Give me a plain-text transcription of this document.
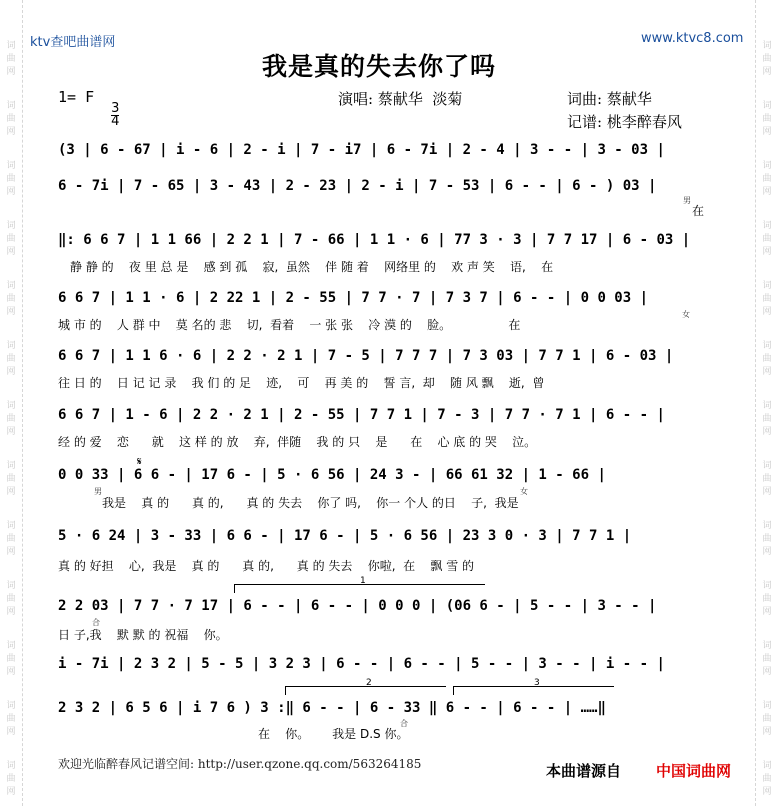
词
曲
网
词
曲
网
词
曲
网
词
曲
网
词
曲
网
词
曲
网
词
曲
网
词
曲
网
词
曲
网
词
曲
网
词
曲
网
词
曲
网
词
曲
网
词
曲
网
词
曲
网
词
曲
网
词
曲
网
词
曲
网
词
曲
网
词
曲
网
词
曲
网
词
曲
网
词
曲
网
词
曲
网
词
曲
网
词
曲
网
ktv查吧曲谱网	www.ktvc8.com
我是真的失去你了吗
1= F

$\frac{3}{4}$

演唱: 蔡献华  淡菊	词曲: 蔡献华
记谱: 桃李醉春风
(3 | 6 - 67 | i - 6 | 2 - i | 7 - i7 | 6 - 7i | 2 - 4 | 3 - - | 3 - 03 |
6 - 7i | 7 - 65 | 3 - 43 | 2 - 23 | 2 - i | 7 - 53 | 6 - - | 6 - ) 03 |
男
在
‖: 6 6 7 | 1 1 66 | 2 2 1 | 7 - 66 | 1 1 · 6 | 77 3 · 3 | 7 7 17 | 6 - 03 |
静 静 的    夜 里 总 是    感 到 孤    寂,  虽然    伴 随 着    网络里 的    欢 声 笑    语,    在
6 6 7 | 1 1 · 6 | 2 22 1 | 2 - 55 | 7 7 · 7 | 7 3 7 | 6 - - | 0 0 03 |
女
城 市 的    人 群 中    莫 名的 悲    切,  看着    一 张 张    冷 漠 的    脸。               在
6 6 7 | 1 1 6 · 6 | 2 2 · 2 1 | 7 - 5 | 7 7 7 | 7 3 03 | 7 7 1 | 6 - 03 |
往 日 的    日 记 记 录    我 们 的 足    迹,    可    再 美 的    誓 言,  却    随 风 飘    逝,  曾
6 6 7 | 1 - 6 | 2 2 · 2 1 | 2 - 55 | 7 7 1 | 7 - 3 | 7 7 · 7 1 | 6 - - |
经 的 爱    恋      就    这 样 的 放    弃,  伴随    我 的 只    是      在    心 底 的 哭    泣。
𝄋
0 0 33 | 6 6 - | 17 6 - | 5 · 6 56 | 24 3 - | 66 61 32 | 1 - 66 |
男	女
我是    真 的      真 的,      真 的 失去    你了 吗,    你一 个人 的日    子,  我是
5 · 6 24 | 3 - 33 | 6 6 - | 17 6 - | 5 · 6 56 | 23 3 0 · 3 | 7 7 1 |
真 的 好担    心,  我是    真 的      真 的,      真 的 失去    你啦,  在    飘 雪 的
1
2 2 03 | 7 7 · 7 17 | 6 - - | 6 - - | 0 0 0 | (06 6 - | 5 - - | 3 - - |
合
日 子,我    默 默 的 祝福    你。
i - 7i | 2 3 2 | 5 - 5 | 3 2 3 | 6 - - | 6 - - | 5 - - | 3 - - | i - - |
2	3
2 3 2 | 6 5 6 | i 7 6 ) 3 :‖ 6 - - | 6 - 33 ‖ 6 - - | 6 - - | ……‖
合
在    你。      我是 D.S 你。
欢迎光临醉春风记谱空间: http://user.qzone.qq.com/563264185	本曲谱源自 中国词曲网
